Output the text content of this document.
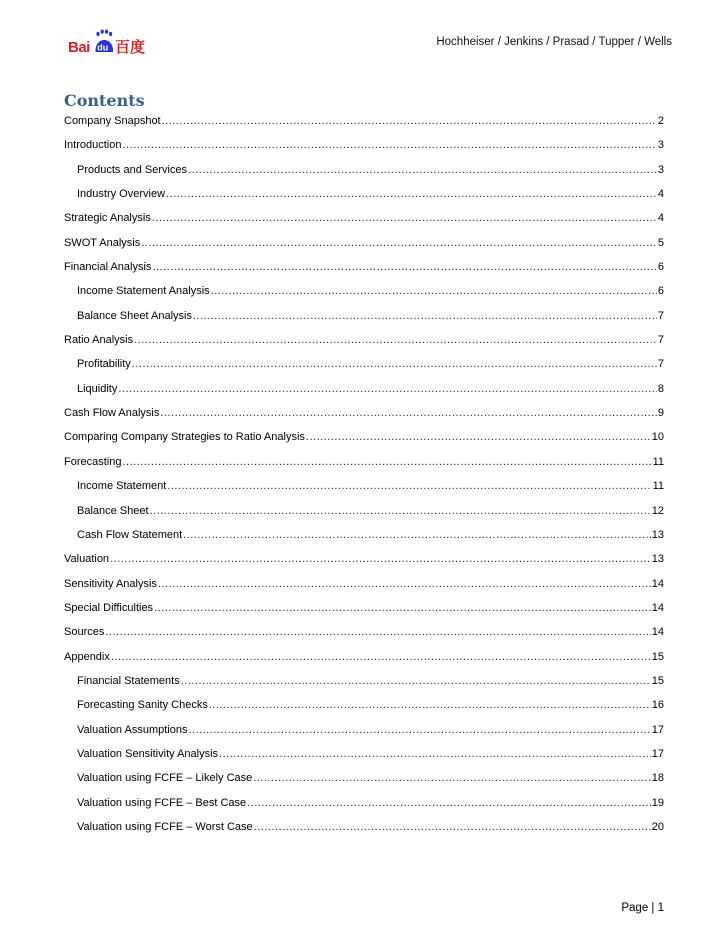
Bai du 百度	Hochheiser / Jenkins / Prasad / Tupper / Wells
Contents
Company Snapshot .....	2
Introduction .....	3
Products and Services .....	3
Industry Overview .....	4
Strategic Analysis .....	4
SWOT Analysis .....	5
Financial Analysis .....	6
Income Statement Analysis .....	6
Balance Sheet Analysis .....	7
Ratio Analysis .....	7
Profitability .....	7
Liquidity .....	8
Cash Flow Analysis .....	9
Comparing Company Strategies to Ratio Analysis .....	10
Forecasting .....	11
Income Statement .....	11
Balance Sheet .....	12
Cash Flow Statement .....	13
Valuation .....	13
Sensitivity Analysis .....	14
Special Difficulties .....	14
Sources .....	14
Appendix .....	15
Financial Statements .....	15
Forecasting Sanity Checks .....	16
Valuation Assumptions .....	17
Valuation Sensitivity Analysis .....	17
Valuation using FCFE – Likely Case .....	18
Valuation using FCFE – Best Case .....	19
Valuation using FCFE – Worst Case .....	20
Page | 1
